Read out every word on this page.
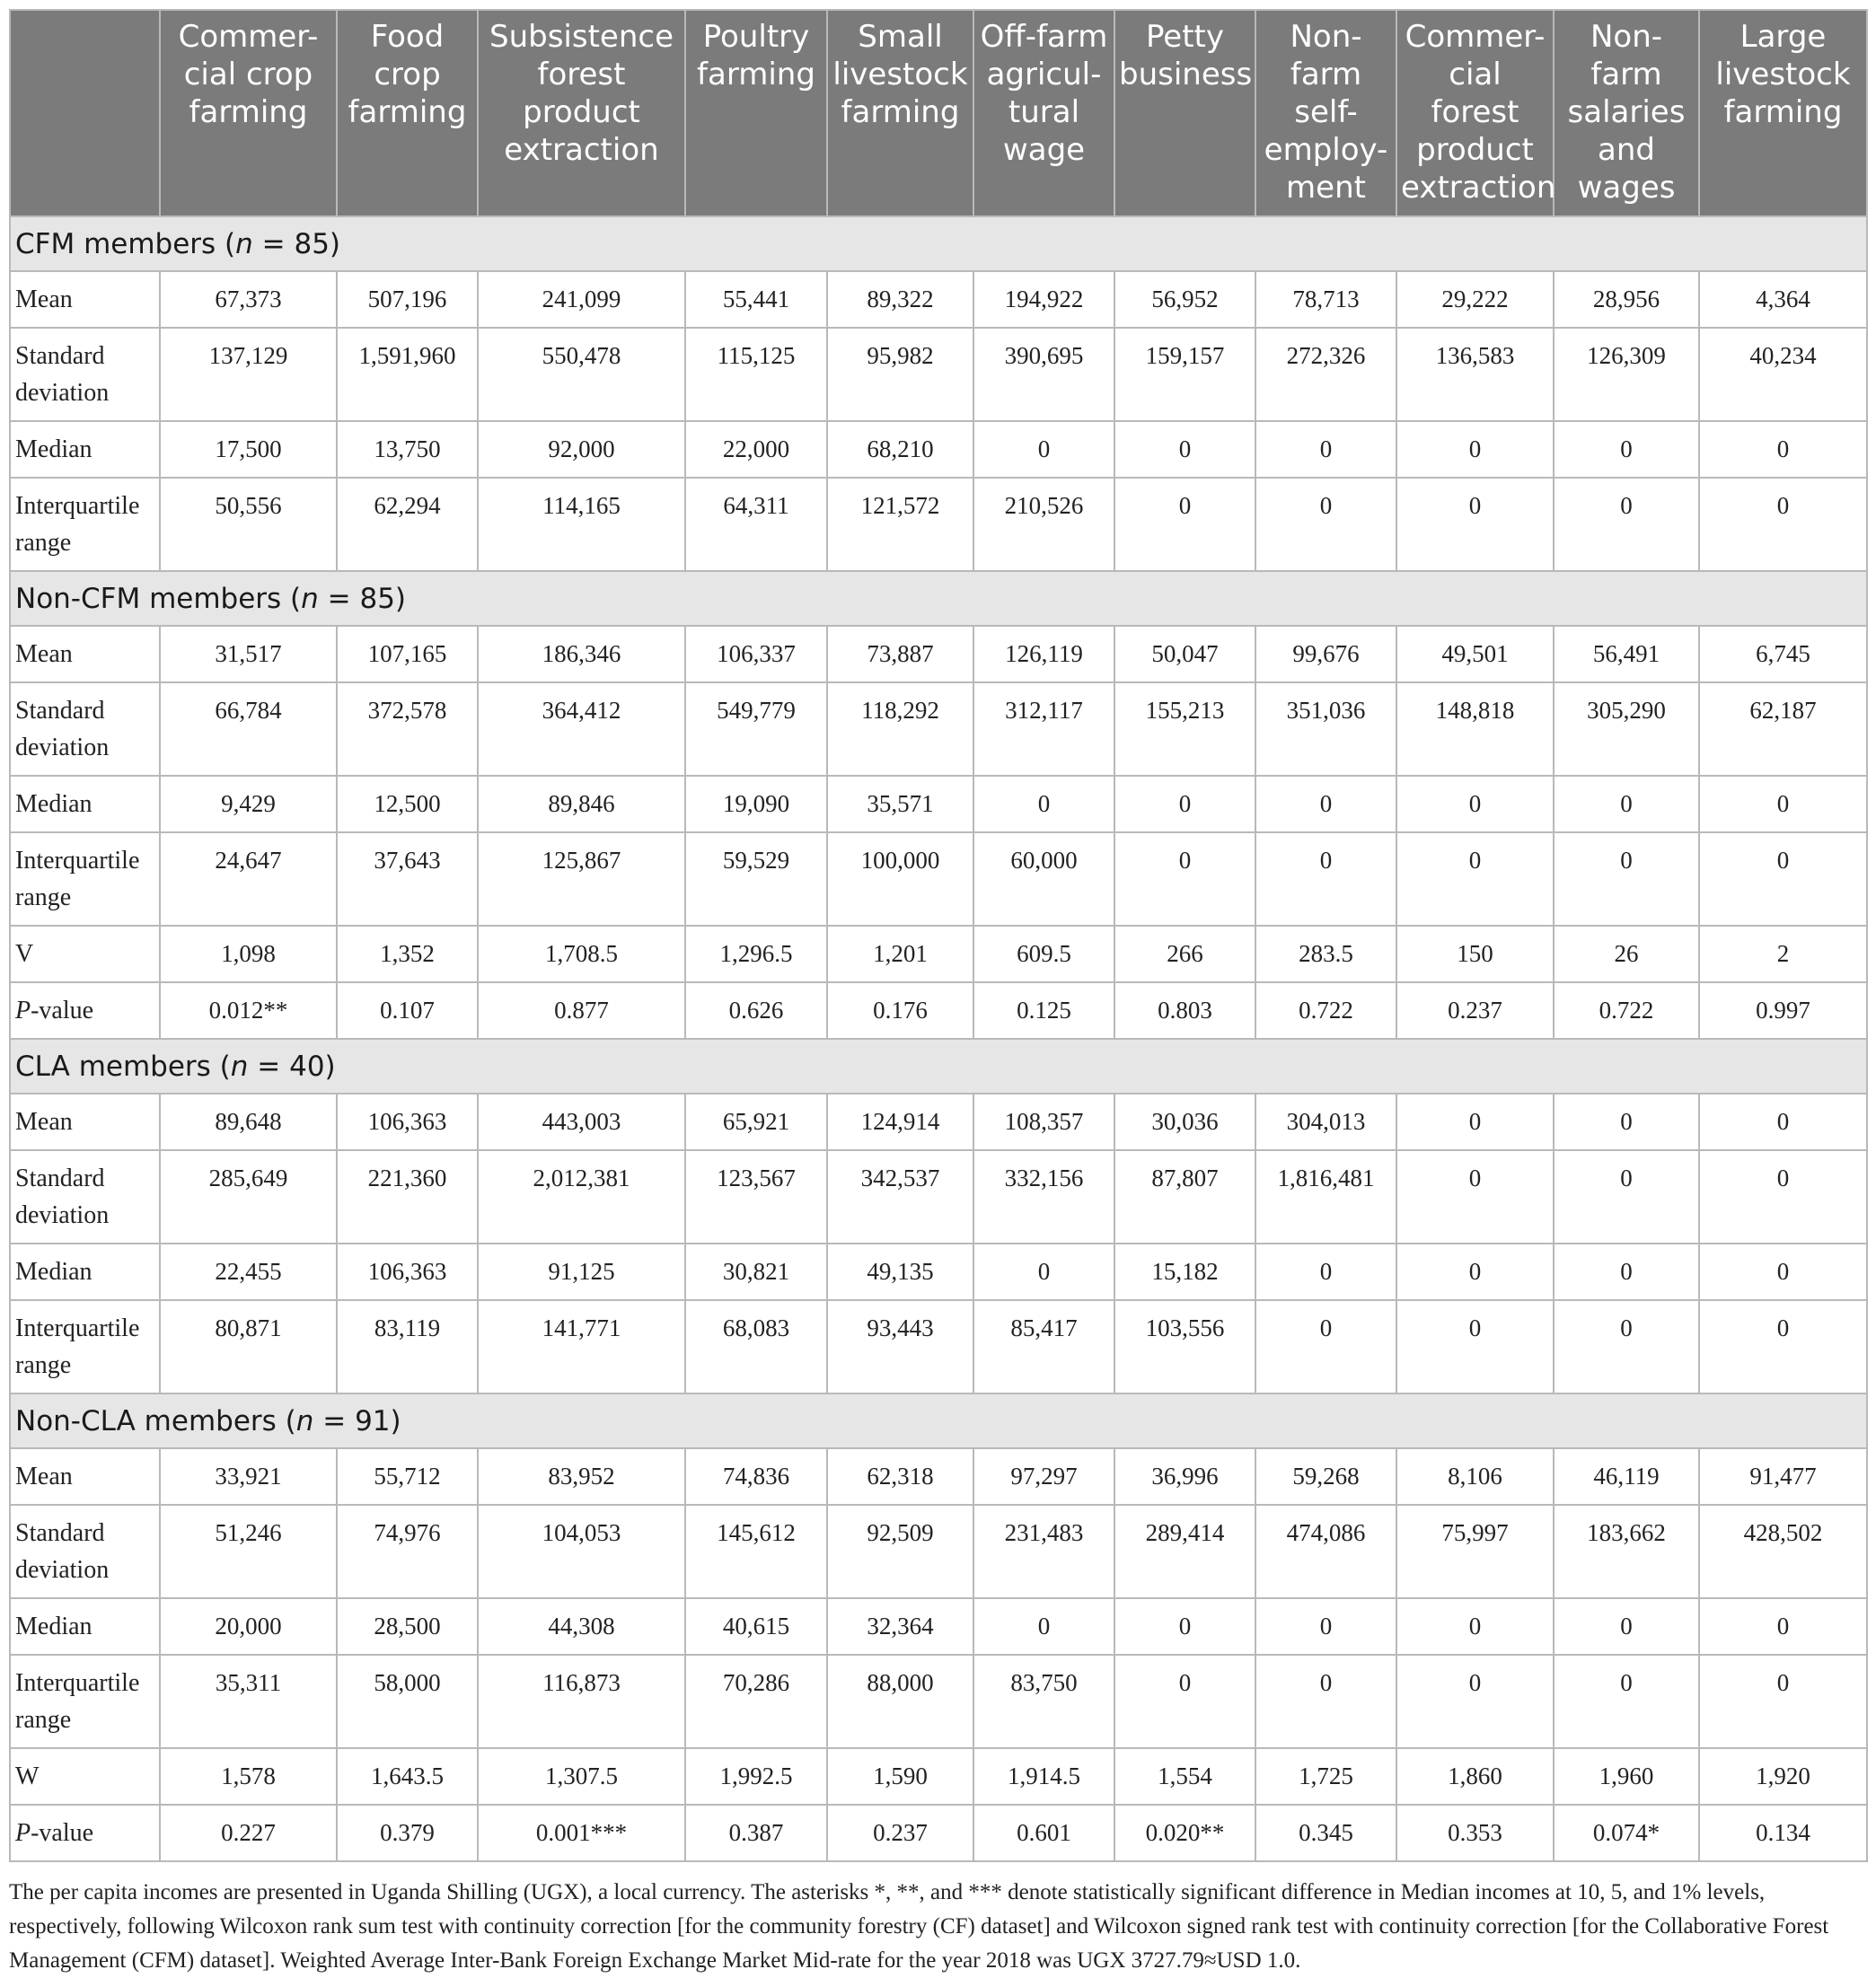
	Commer-cial crop farming	Food crop farming	Subsistence forest product extraction	Poultry farming	Small livestock farming	Off-farm agricul-tural wage	Petty business	Non-farm self-employ-ment	Commer-cial forest product extraction	Non-farm salaries and wages	Large livestock farming
CFM members (n = 85)											
Mean	67,373	507,196	241,099	55,441	89,322	194,922	56,952	78,713	29,222	28,956	4,364
Standard deviation	137,129	1,591,960	550,478	115,125	95,982	390,695	159,157	272,326	136,583	126,309	40,234
Median	17,500	13,750	92,000	22,000	68,210	0	0	0	0	0	0
Interquartile range	50,556	62,294	114,165	64,311	121,572	210,526	0	0	0	0	0
Non-CFM members (n = 85)											
Mean	31,517	107,165	186,346	106,337	73,887	126,119	50,047	99,676	49,501	56,491	6,745
Standard deviation	66,784	372,578	364,412	549,779	118,292	312,117	155,213	351,036	148,818	305,290	62,187
Median	9,429	12,500	89,846	19,090	35,571	0	0	0	0	0	0
Interquartile range	24,647	37,643	125,867	59,529	100,000	60,000	0	0	0	0	0
V	1,098	1,352	1,708.5	1,296.5	1,201	609.5	266	283.5	150	26	2
P-value	0.012**	0.107	0.877	0.626	0.176	0.125	0.803	0.722	0.237	0.722	0.997
CLA members (n = 40)											
Mean	89,648	106,363	443,003	65,921	124,914	108,357	30,036	304,013	0	0	0
Standard deviation	285,649	221,360	2,012,381	123,567	342,537	332,156	87,807	1,816,481	0	0	0
Median	22,455	106,363	91,125	30,821	49,135	0	15,182	0	0	0	0
Interquartile range	80,871	83,119	141,771	68,083	93,443	85,417	103,556	0	0	0	0
Non-CLA members (n = 91)											
Mean	33,921	55,712	83,952	74,836	62,318	97,297	36,996	59,268	8,106	46,119	91,477
Standard deviation	51,246	74,976	104,053	145,612	92,509	231,483	289,414	474,086	75,997	183,662	428,502
Median	20,000	28,500	44,308	40,615	32,364	0	0	0	0	0	0
Interquartile range	35,311	58,000	116,873	70,286	88,000	83,750	0	0	0	0	0
W	1,578	1,643.5	1,307.5	1,992.5	1,590	1,914.5	1,554	1,725	1,860	1,960	1,920
P-value	0.227	0.379	0.001***	0.387	0.237	0.601	0.020**	0.345	0.353	0.074*	0.134
The per capita incomes are presented in Uganda Shilling (UGX), a local currency. The asterisks *, **, and *** denote statistically significant difference in Median incomes at 10, 5, and 1% levels, respectively, following Wilcoxon rank sum test with continuity correction [for the community forestry (CF) dataset] and Wilcoxon signed rank test with continuity correction [for the Collaborative Forest Management (CFM) dataset]. Weighted Average Inter-Bank Foreign Exchange Market Mid-rate for the year 2018 was UGX 3727.79≈USD 1.0.
